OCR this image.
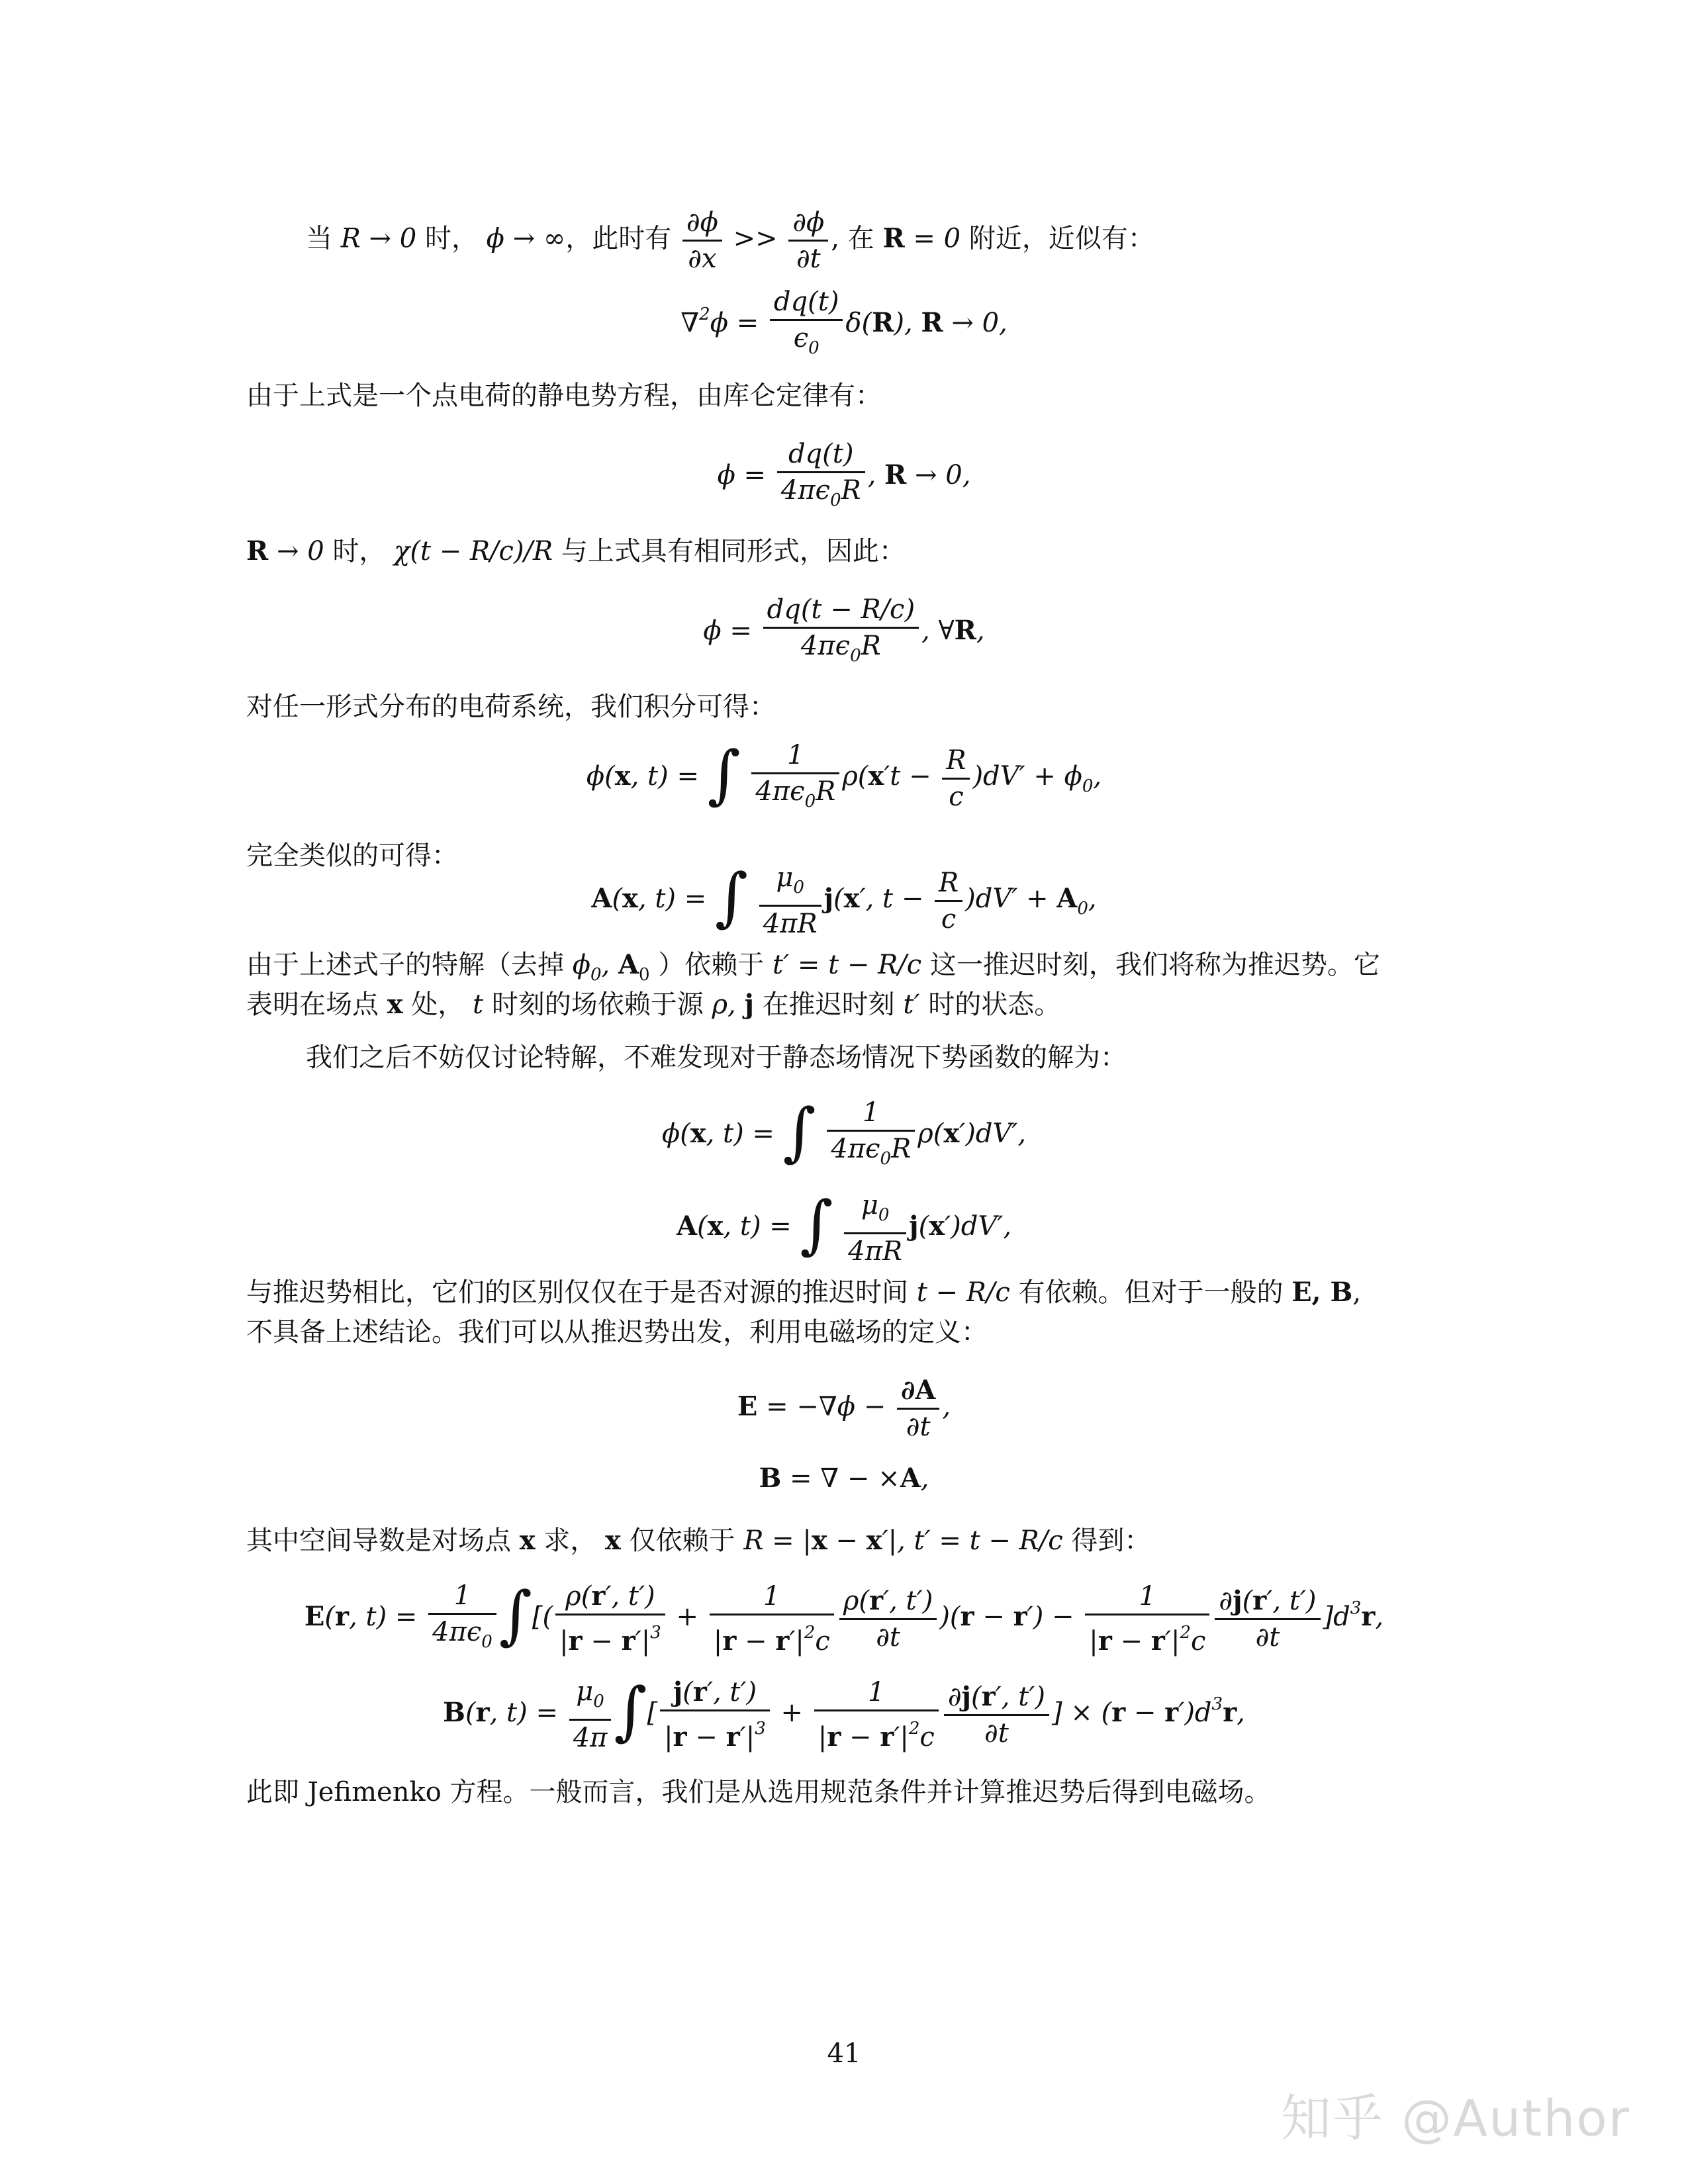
当 R → 0 时， ϕ → ∞，此时有 $\frac{\partial\phi}{\partial x} >> \frac{\partial\phi}{\partial t}$ , 在 R = 0 附近，近似有：
$\nabla^2\phi = \frac{dq(t)}{\epsilon_0} \delta(R)$, R → 0,
由于上式是一个点电荷的静电势方程，由库仑定律有：
$\phi = \frac{dq(t)}{4\pi\epsilon_0R}$ , R → 0,
R → 0 时， χ(t − R/c)/R 与上式具有相同形式，因此：
$\phi = \frac{dq(t - R/c)}{4\pi\epsilon_0R}$ , ∀R,
对任一形式分布的电荷系统，我们积分可得：
ϕ(x, t) = ∫ $\frac{1}{4\pi\epsilon_0R} \rho(x't - \frac{R}{c} )dV' + \phi_0$,
完全类似的可得：
A(x, t) = ∫ $\frac{\mu_0}{4\pi R} j(x'$, $t - \frac{R}{c} )dV' + A_0$,
由于上述式子的特解（去掉 $\phi_0$, $A_0$ ）依赖于 t′ = t − R/c 这一推迟时刻，我们将称为推迟势。它
表明在场点 x 处， t 时刻的场依赖于源 ρ, j 在推迟时刻 t′ 时的状态。
我们之后不妨仅讨论特解，不难发现对于静态场情况下势函数的解为：
ϕ(x, t) = ∫ $\frac{1}{4\pi\epsilon_0R} \rho(x')dV'$,
A(x, t) = ∫ $\frac{\mu_0}{4\pi R} j(x')dV'$,
与推迟势相比，它们的区别仅仅在于是否对源的推迟时间 t − R/c 有依赖。但对于一般的 E, B,
不具备上述结论。我们可以从推迟势出发，利用电磁场的定义：
$E = -\nabla\phi - \frac{\partial A}{\partial t}$ ,
B = ∇ − ×A,
其中空间导数是对场点 x 求， x 仅依赖于 R = |x − x′|, t′ = t − R/c 得到：
E(r, $t) = \frac{1}{4\pi\epsilon_0}$ ∫[( $\frac{\rho(r', t')}{|r - r'|^3} + \frac{1}{|r - r'|^2c} \frac{\rho(r', t')}{\partial t} )(r - r') - \frac{1}{|r - r'|^2c} \frac{\partial j(r', t')}{\partial t} ]d^3r$,
B(r, $t) = \frac{\mu_0}{4\pi}$ ∫[ $\frac{j(r', t')}{|r - r'|^3} + \frac{1}{|r - r'|^2c} \frac{\partial j(r', t')}{\partial t}$ ] × $(r - r')d^3r$,
此即 Jefimenko 方程。一般而言，我们是从选用规范条件并计算推迟势后得到电磁场。
41
知乎 @Author
